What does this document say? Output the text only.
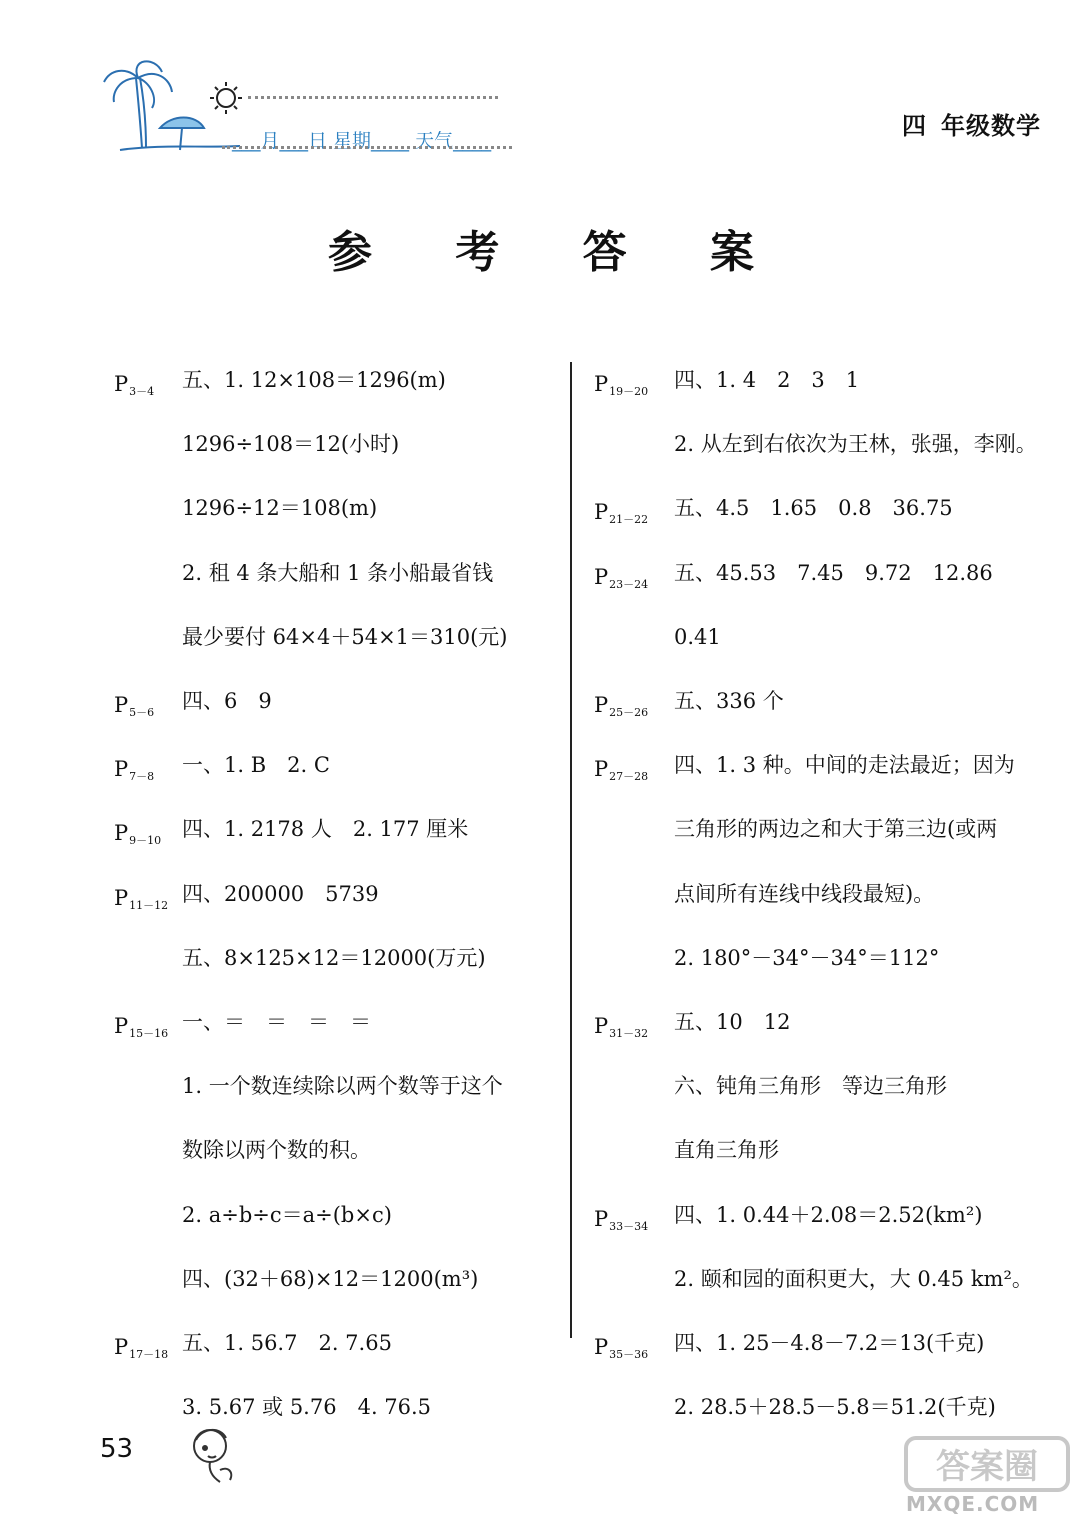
___月___日 星期____ 天气____
四 年级数学
参 考 答 案
$P_{3-4}$ 五、1. 12×108＝1296(m)
1296÷108＝12(小时)
1296÷12＝108(m)
2. 租 4 条大船和 1 条小船最省钱
最少要付 64×4＋54×1＝310(元)
$P_{5-6}$ 四、6　9
$P_{7-8}$ 一、1. B　2. C
$P_{9-10}$ 四、1. 2178 人　2. 177 厘米
$P_{11-12}$ 四、200000　5739
五、8×125×12＝12000(万元)
$P_{15-16}$ 一、＝　＝　＝　＝
1. 一个数连续除以两个数等于这个
数除以两个数的积。
2. a÷b÷c＝a÷(b×c)
四、(32＋68)×12＝1200(m³)
$P_{17-18}$ 五、1. 56.7　2. 7.65
3. 5.67 或 5.76　4. 76.5
$P_{19-20}$ 四、1. 4　2　3　1
2. 从左到右依次为王林，张强，李刚。
$P_{21-22}$ 五、4.5　1.65　0.8　36.75
$P_{23-24}$ 五、45.53　7.45　9.72　12.86
0.41
$P_{25-26}$ 五、336 个
$P_{27-28}$ 四、1. 3 种。中间的走法最近；因为
三角形的两边之和大于第三边(或两
点间所有连线中线段最短)。
2. 180°－34°－34°＝112°
$P_{31-32}$ 五、10　12
六、钝角三角形　等边三角形
直角三角形
$P_{33-34}$ 四、1. 0.44＋2.08＝2.52(km²)
2. 颐和园的面积更大，大 0.45 km²。
$P_{35-36}$ 四、1. 25－4.8－7.2＝13(千克)
2. 28.5＋28.5－5.8＝51.2(千克)
53	答案圈
MXQE.COM
